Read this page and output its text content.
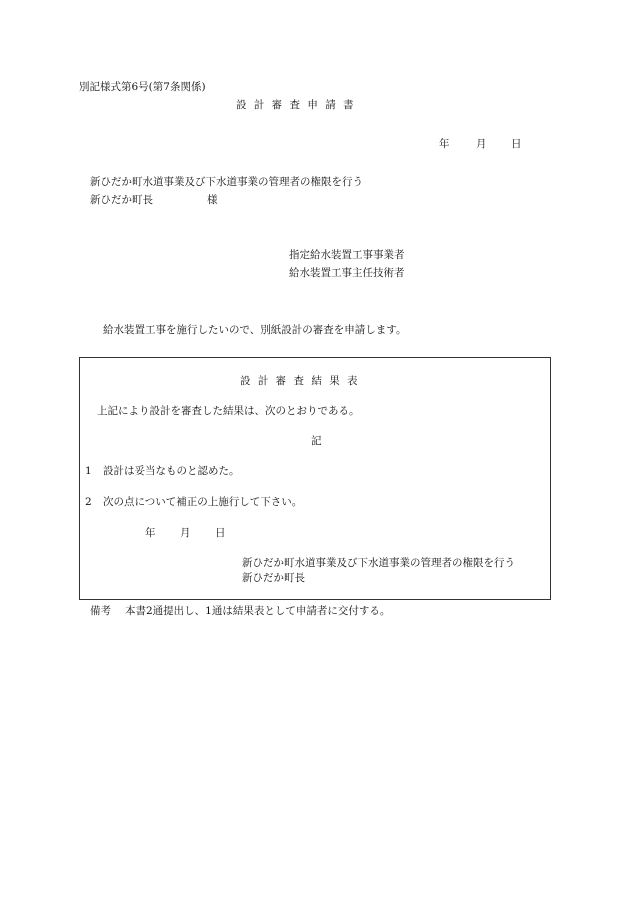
別記様式第6号(第7条関係)
設 計 審 査 申 請 書
年	月 日
新ひだか町水道事業及び下水道事業の管理者の権限を行う
新ひだか町長	様
指定給水装置工事事業者
給水装置工事主任技術者
給水装置工事を施行したいので、別紙設計の審査を申請します。
設 計 審 査 結 果 表
上記により設計を審査した結果は、次のとおりである。
記
1 設計は妥当なものと認めた。
2 次の点について補正の上施行して下さい。
年 月 日
新ひだか町水道事業及び下水道事業の管理者の権限を行う
新ひだか町長
備考 本書2通提出し、1通は結果表として申請者に交付する。
